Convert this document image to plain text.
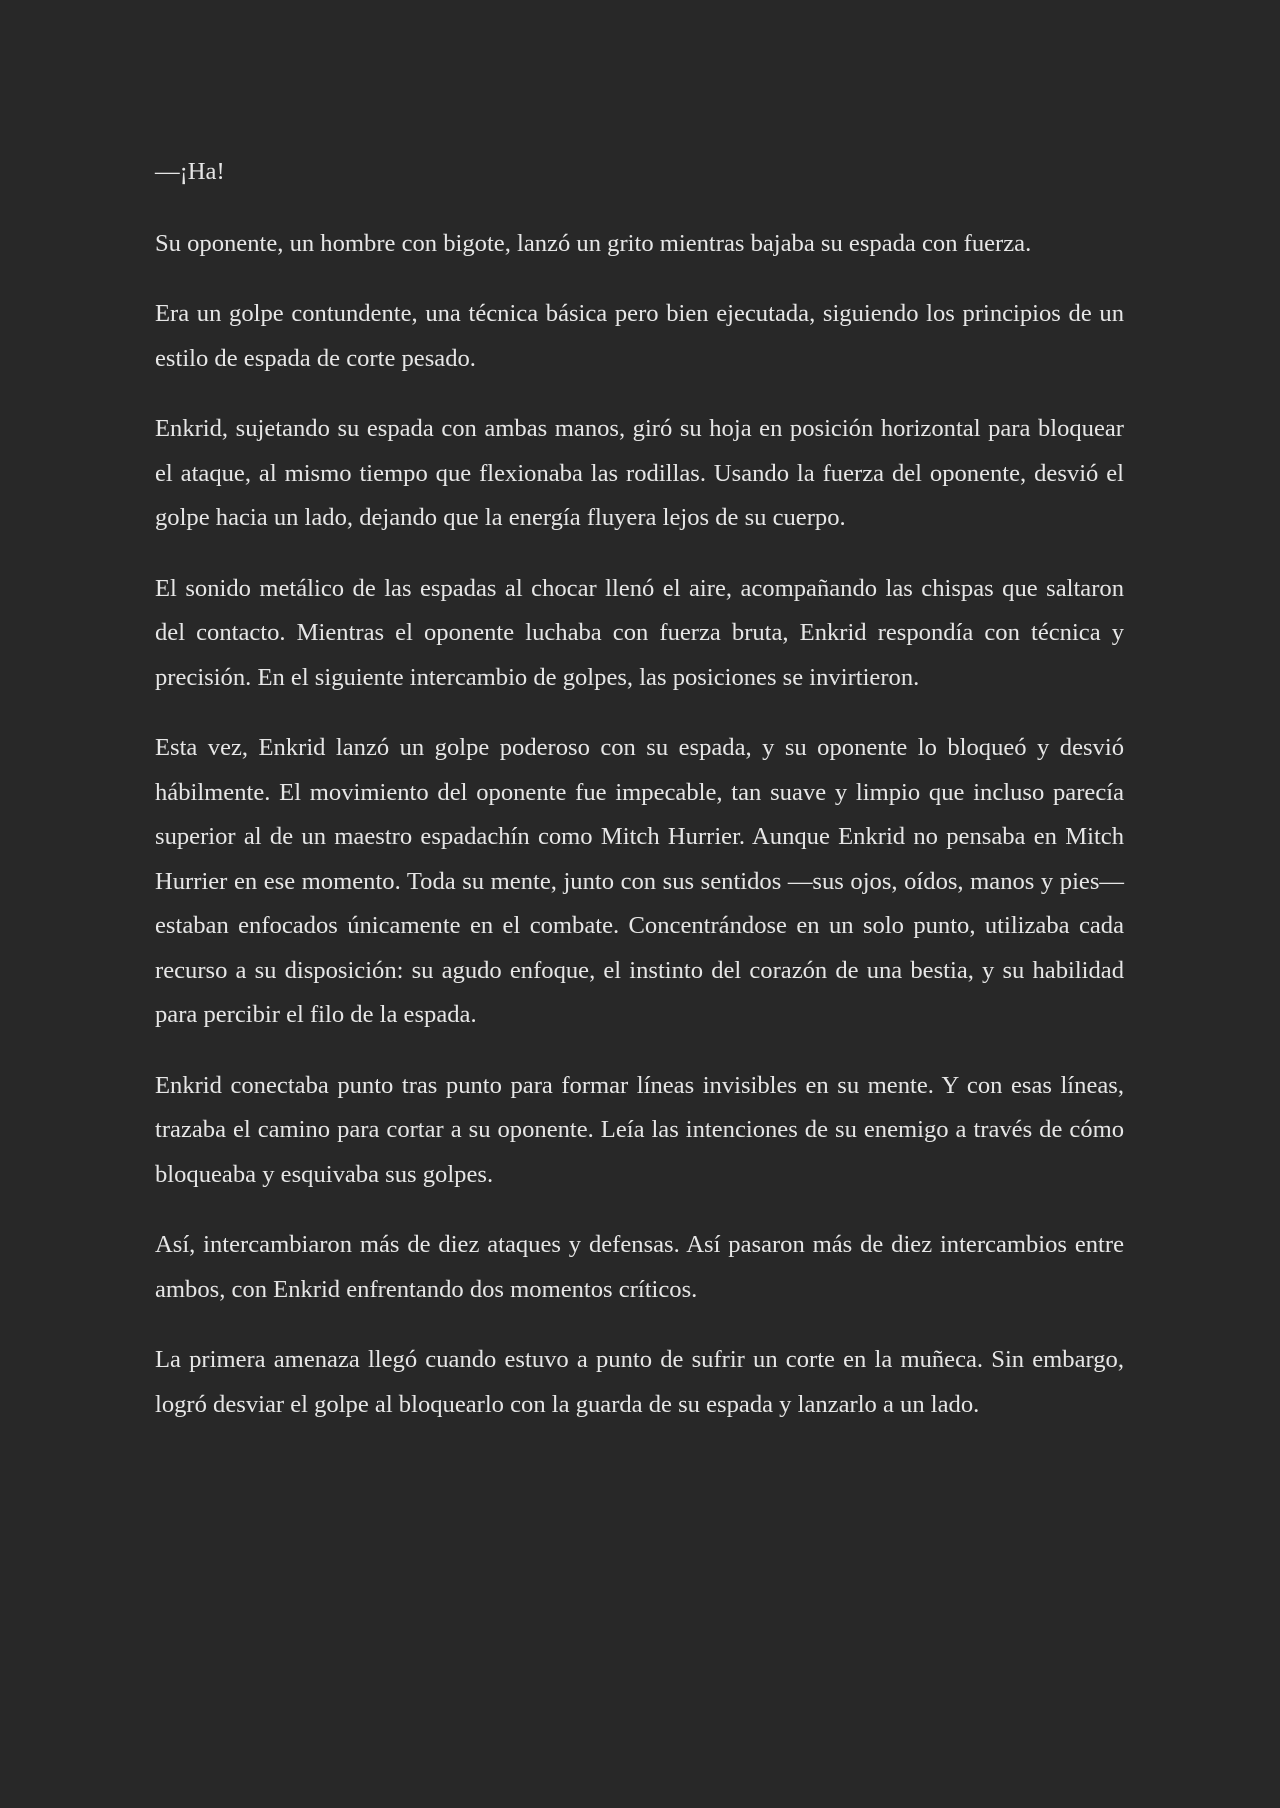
—¡Ha!

Su oponente, un hombre con bigote, lanzó un grito mientras bajaba su espada con fuerza.

Era un golpe contundente, una técnica básica pero bien ejecutada, siguiendo los principios de un estilo de espada de corte pesado.

Enkrid, sujetando su espada con ambas manos, giró su hoja en posición horizontal para bloquear el ataque, al mismo tiempo que flexionaba las rodillas. Usando la fuerza del oponente, desvió el golpe hacia un lado, dejando que la energía fluyera lejos de su cuerpo.

El sonido metálico de las espadas al chocar llenó el aire, acompañando las chispas que saltaron del contacto. Mientras el oponente luchaba con fuerza bruta, Enkrid respondía con técnica y precisión. En el siguiente intercambio de golpes, las posiciones se invirtieron.

Esta vez, Enkrid lanzó un golpe poderoso con su espada, y su oponente lo bloqueó y desvió hábilmente. El movimiento del oponente fue impecable, tan suave y limpio que incluso parecía superior al de un maestro espadachín como Mitch Hurrier. Aunque Enkrid no pensaba en Mitch Hurrier en ese momento. Toda su mente, junto con sus sentidos —sus ojos, oídos, manos y pies— estaban enfocados únicamente en el combate. Concentrándose en un solo punto, utilizaba cada recurso a su disposición: su agudo enfoque, el instinto del corazón de una bestia, y su habilidad para percibir el filo de la espada.

Enkrid conectaba punto tras punto para formar líneas invisibles en su mente. Y con esas líneas, trazaba el camino para cortar a su oponente. Leía las intenciones de su enemigo a través de cómo bloqueaba y esquivaba sus golpes.

Así, intercambiaron más de diez ataques y defensas. Así pasaron más de diez intercambios entre ambos, con Enkrid enfrentando dos momentos críticos.

La primera amenaza llegó cuando estuvo a punto de sufrir un corte en la muñeca. Sin embargo, logró desviar el golpe al bloquearlo con la guarda de su espada y lanzarlo a un lado.
